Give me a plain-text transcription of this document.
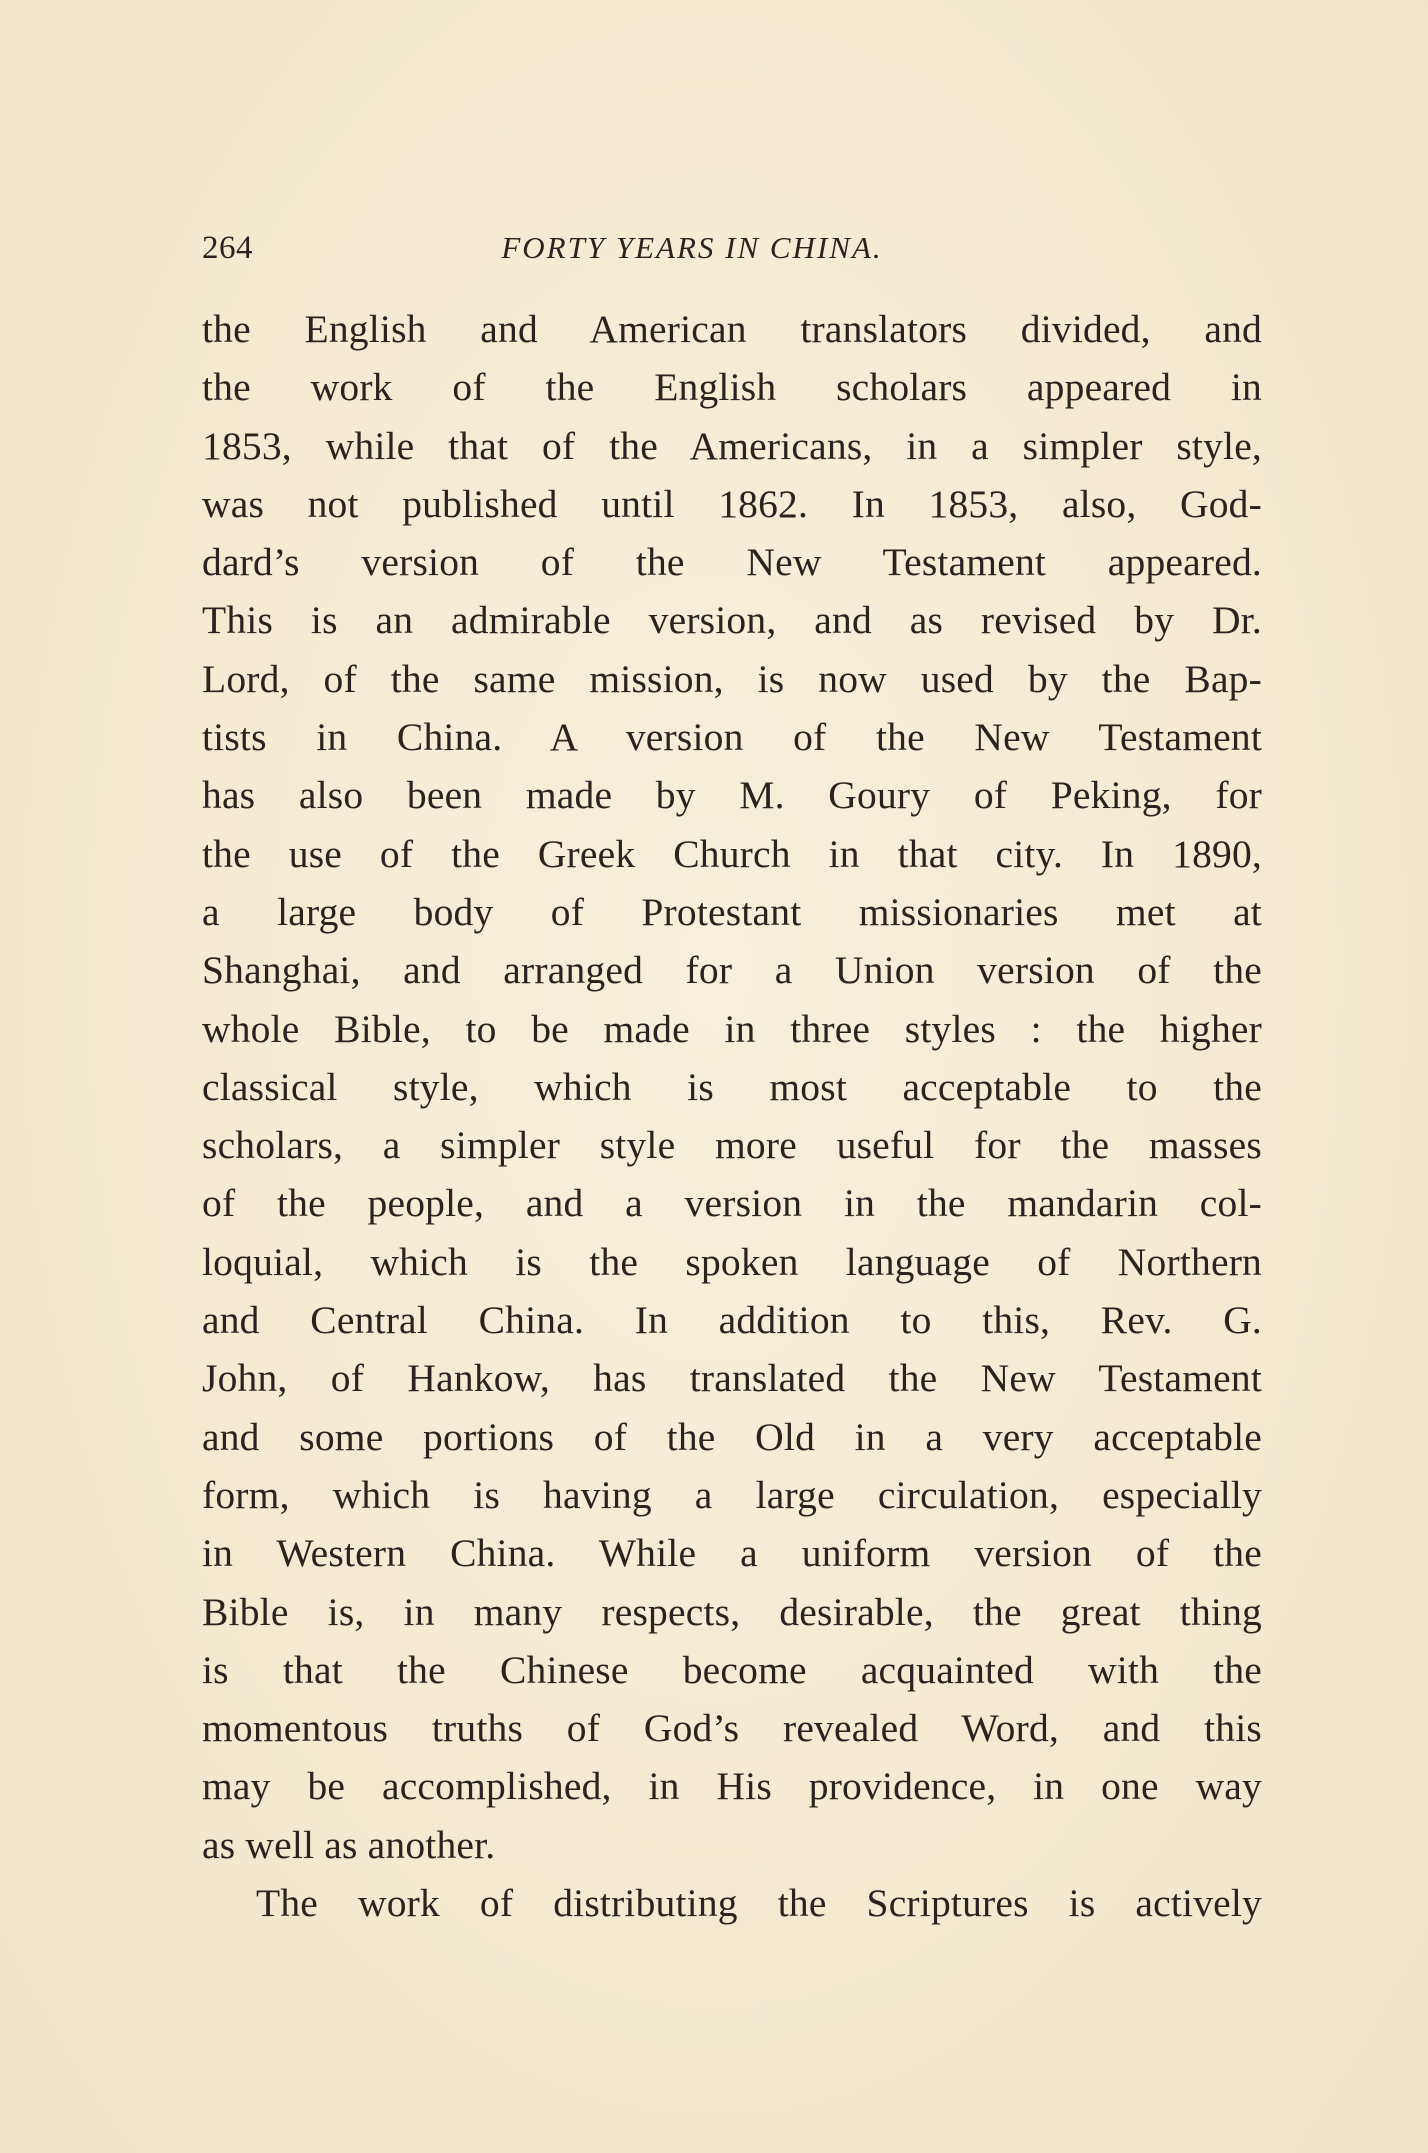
264	FORTY YEARS IN CHINA.
the English and American translators divided, and
the work of the English scholars appeared in
1853, while that of the Americans, in a simpler style,
was not published until 1862. In 1853, also, God-
dard’s version of the New Testament appeared.
This is an admirable version, and as revised by Dr.
Lord, of the same mission, is now used by the Bap-
tists in China. A version of the New Testament
has also been made by M. Goury of Peking, for
the use of the Greek Church in that city. In 1890,
a large body of Protestant missionaries met at
Shanghai, and arranged for a Union version of the
whole Bible, to be made in three styles : the higher
classical style, which is most acceptable to the
scholars, a simpler style more useful for the masses
of the people, and a version in the mandarin col-
loquial, which is the spoken language of Northern
and Central China. In addition to this, Rev. G.
John, of Hankow, has translated the New Testament
and some portions of the Old in a very acceptable
form, which is having a large circulation, especially
in Western China. While a uniform version of the
Bible is, in many respects, desirable, the great thing
is that the Chinese become acquainted with the
momentous truths of God’s revealed Word, and this
may be accomplished, in His providence, in one way
as well as another.
The work of distributing the Scriptures is actively
